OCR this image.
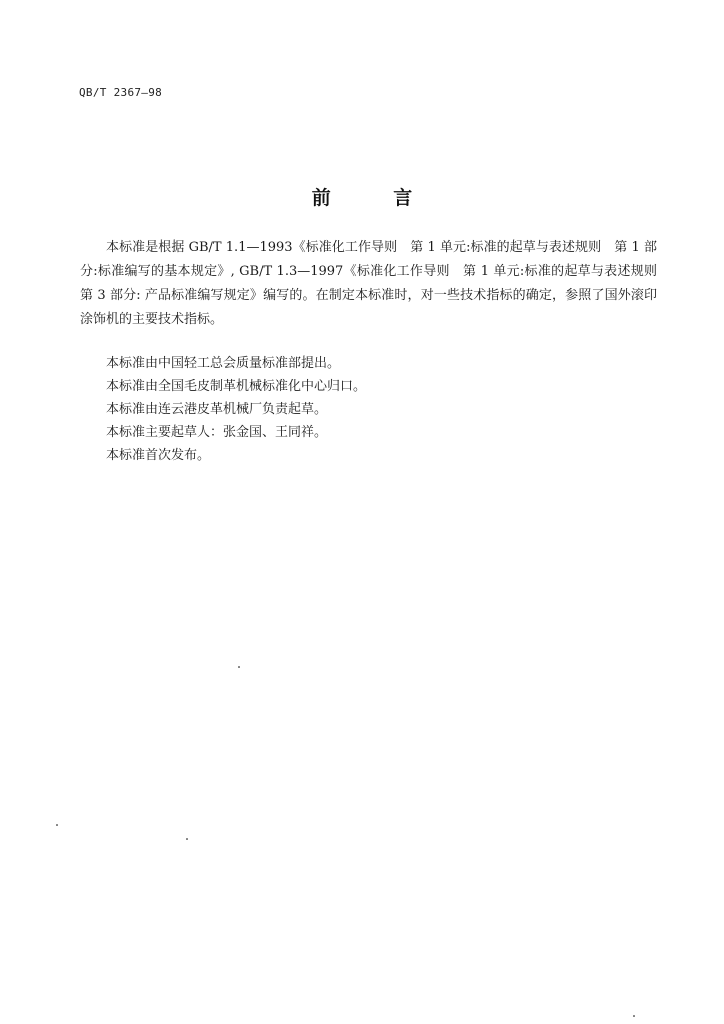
QB/T 2367—98
前 言

本标准是根据 GB/T 1.1—1993《标准化工作导则　第 1 单元:标准的起草与表述规则　第 1 部分:标准编写的基本规定》, GB/T 1.3—1997《标准化工作导则　第 1 单元:标准的起草与表述规则　第 3 部分: 产品标准编写规定》编写的。在制定本标准时，对一些技术指标的确定，参照了国外滚印涂饰机的主要技术指标。

本标准由中国轻工总会质量标准部提出。
本标准由全国毛皮制革机械标准化中心归口。
本标准由连云港皮革机械厂负责起草。
本标准主要起草人：张金国、王同祥。
本标准首次发布。
